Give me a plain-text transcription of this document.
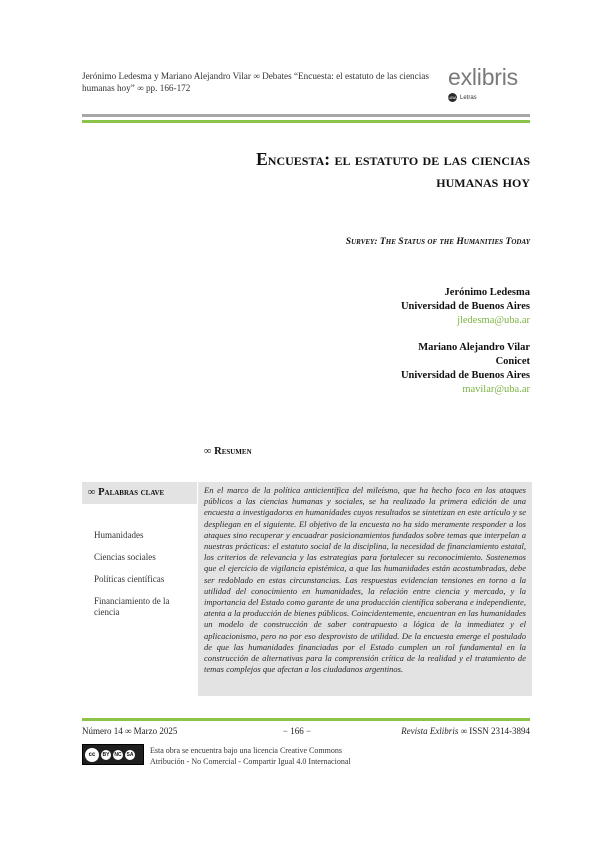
Jerónimo Ledesma y Mariano Alejandro Vilar ∞ Debates “Encuesta: el estatuto de las ciencias humanas hoy” ∞ pp. 166-172	exlibris
UBA Letras
Encuesta: el estatuto de las ciencias humanas hoy
Survey: The Status of the Humanities Today
Jerónimo Ledesma
Universidad de Buenos Aires
jledesma@uba.ar
Mariano Alejandro Vilar
Conicet
Universidad de Buenos Aires
mavilar@uba.ar
∞ Resumen
∞ Palabras clave
Humanidades
Ciencias sociales
Políticas científicas
Financiamiento de la ciencia
En el marco de la política anticientífica del mileísmo, que ha hecho foco en los ataques públicos a las ciencias humanas y sociales, se ha realizado la primera edición de una encuesta a investigadorxs en humanidades cuyos resultados se sintetizan en este artículo y se despliegan en el siguiente. El objetivo de la encuesta no ha sido meramente responder a los ataques sino recuperar y encuadrar posicionamientos fundados sobre temas que interpelan a nuestras prácticas: el estatuto social de la disciplina, la necesidad de financiamiento estatal, los criterios de relevancia y las estrategias para fortalecer su reconocimiento. Sostenemos que el ejercicio de vigilancia epistémica, a que las humanidades están acostumbradas, debe ser redoblado en estas circunstancias. Las respuestas evidencian tensiones en torno a la utilidad del conocimiento en humanidades, la relación entre ciencia y mercado, y la importancia del Estado como garante de una producción científica soberana e independiente, atenta a la producción de bienes públicos. Coincidentemente, encuentran en las humanidades un modelo de construcción de saber contrapuesto a lógica de la inmediatez y el aplicacionismo, pero no por eso desprovisto de utilidad. De la encuesta emerge el postulado de que las humanidades financiadas por el Estado cumplen un rol fundamental en la construcción de alternativas para la comprensión crítica de la realidad y el tratamiento de temas complejos que afectan a los ciudadanos argentinos.
Número 14 ∞ Marzo 2025	− 166 −	Revista Exlibris ∞ ISSN 2314-3894
cc	BY NC SA Esta obra se encuentra bajo una licencia Creative Commons
Atribución - No Comercial - Compartir Igual 4.0 Internacional
